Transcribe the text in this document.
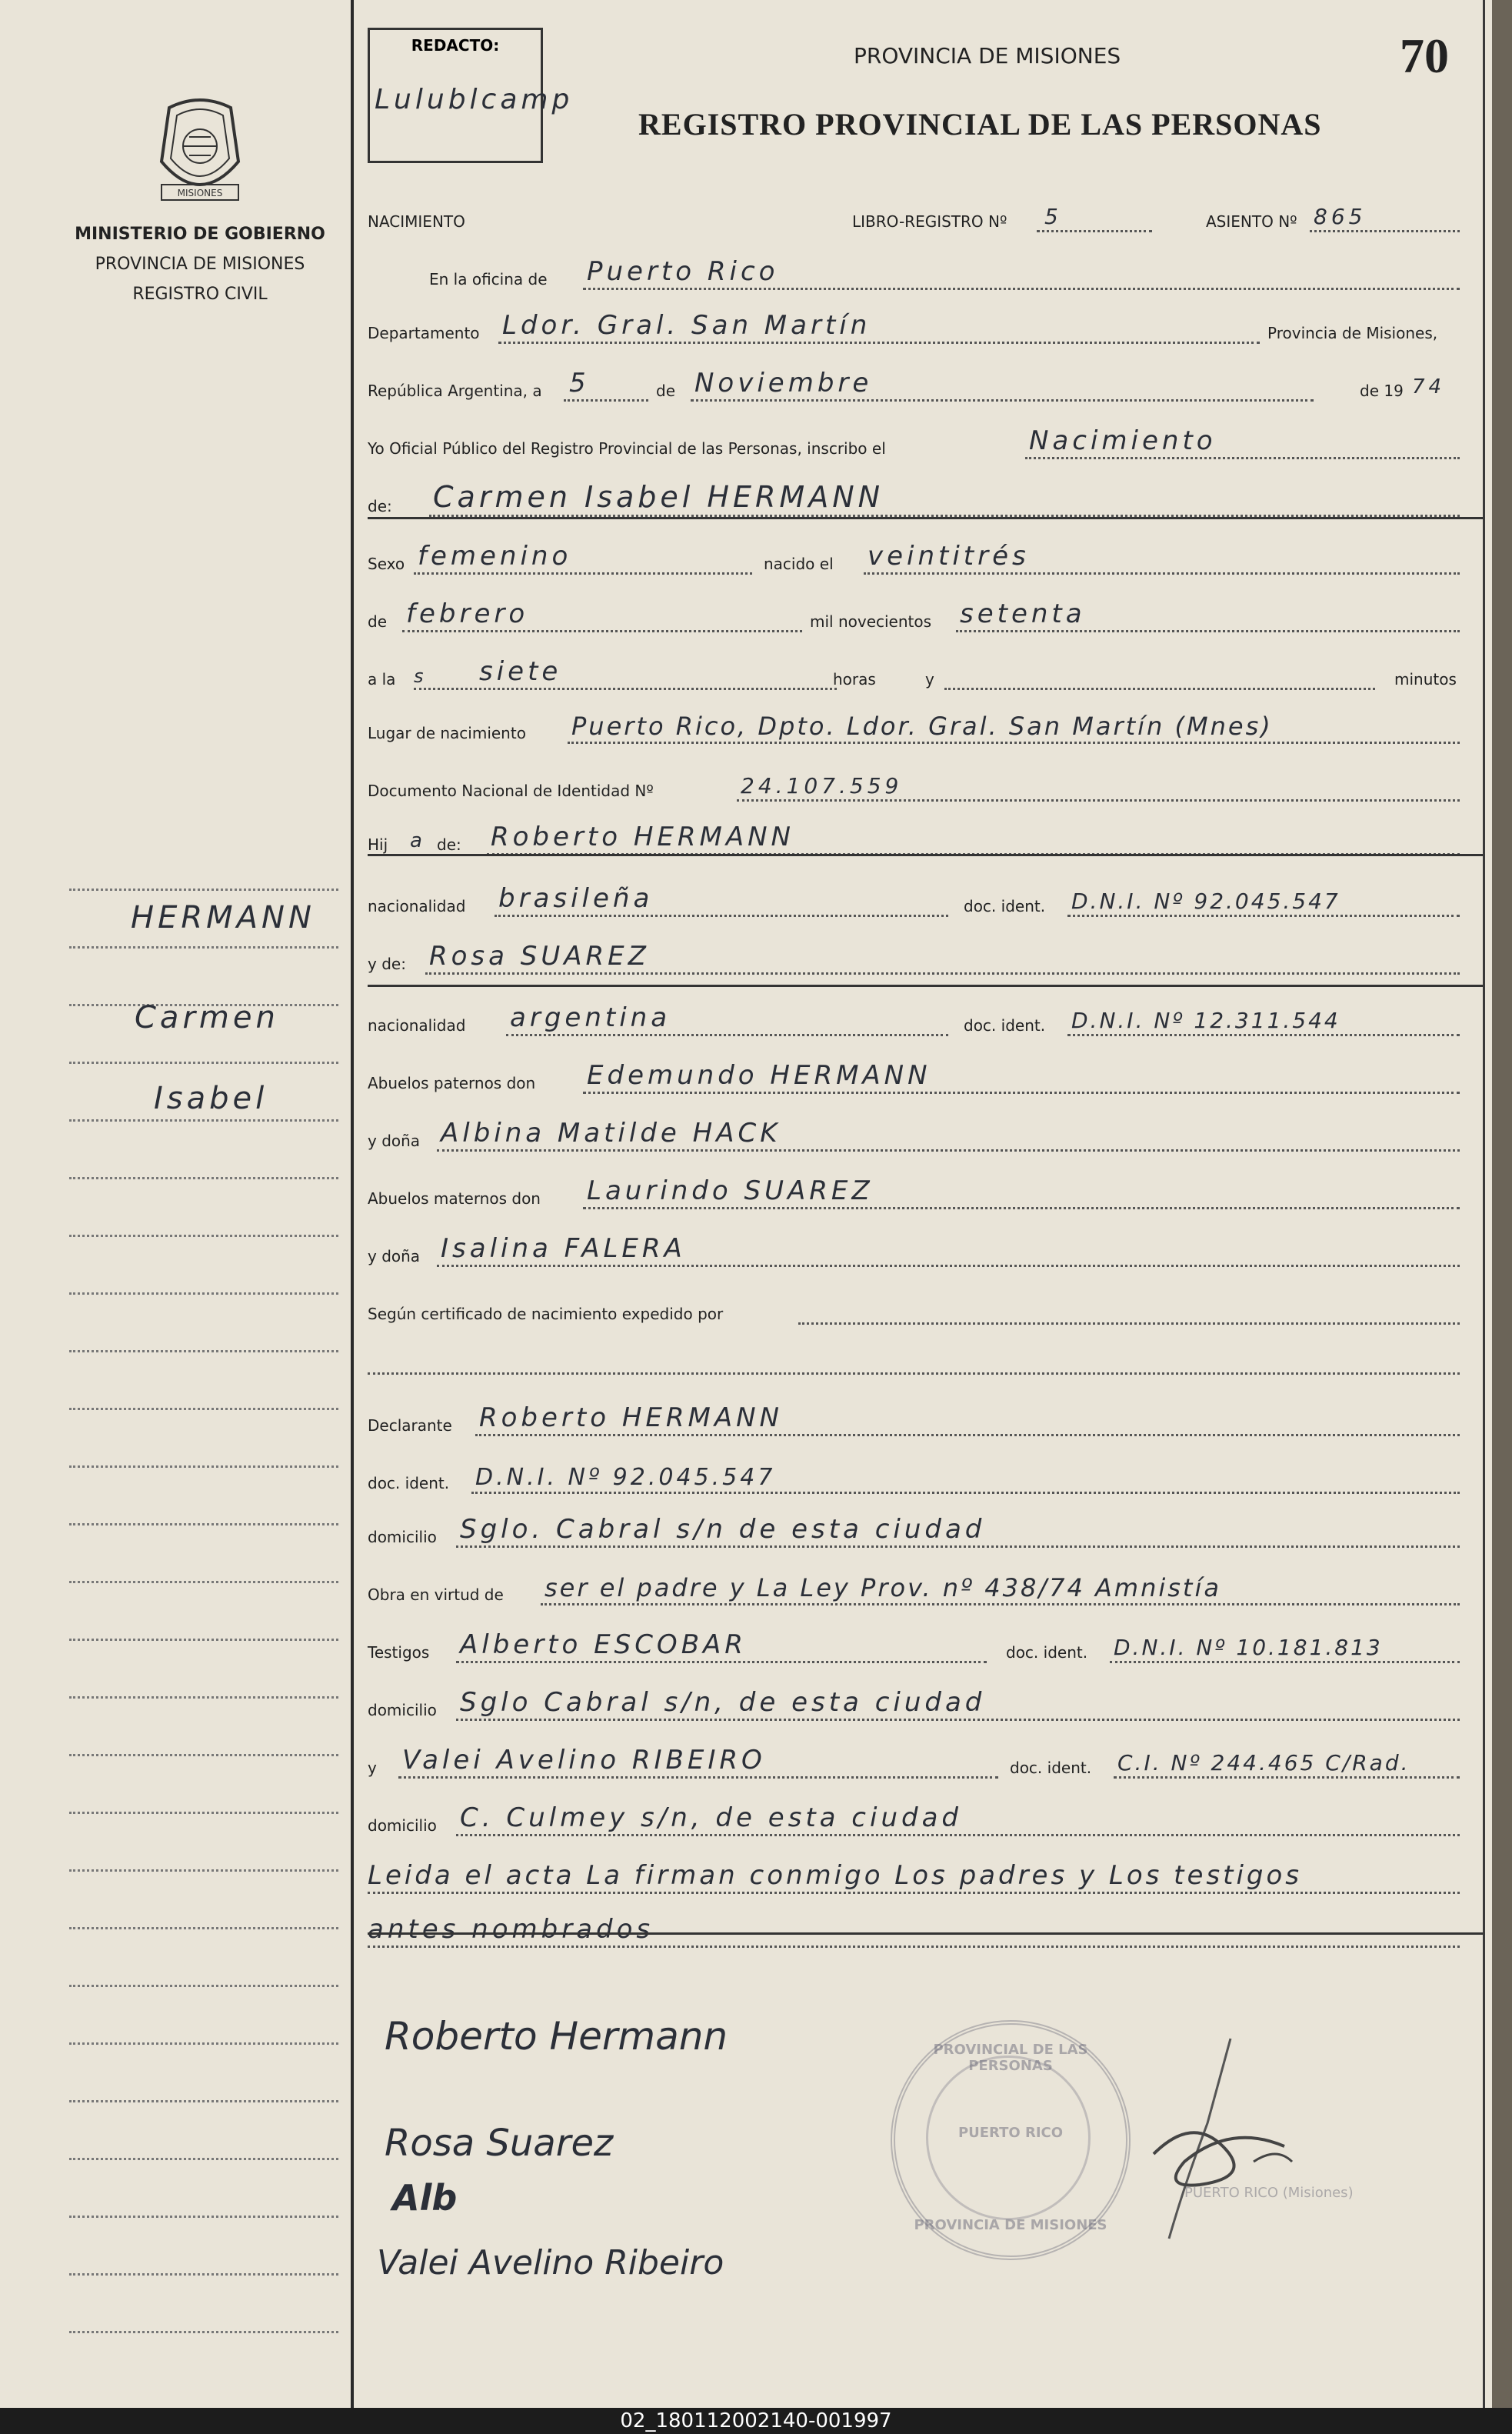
MISIONES
MINISTERIO DE GOBIERNO
PROVINCIA DE MISIONES
REGISTRO CIVIL
HERMANN
Carmen
Isabel
REDACTO:
Lulublcamp
PROVINCIA DE MISIONES
REGISTRO PROVINCIAL DE LAS PERSONAS
70
NACIMIENTO	LIBRO-REGISTRO Nº 5	ASIENTO Nº 865
En la oficina de Puerto Rico
Departamento Ldor. Gral. San Martín	Provincia de Misiones,
República Argentina, a 5	de Noviembre	de 19 74
Yo Oficial Público del Registro Provincial de las Personas, inscribo el	Nacimiento
de: Carmen Isabel HERMANN
Sexo femenino	nacido el veintitrés
de febrero	mil novecientos setenta
a la s siete	horas	y	minutos
Lugar de nacimiento Puerto Rico, Dpto. Ldor. Gral. San Martín (Mnes)
Documento Nacional de Identidad Nº	24.107.559
Hij a de: Roberto HERMANN
nacionalidad brasileña	doc. ident. D.N.I. Nº 92.045.547
y de: Rosa SUAREZ
nacionalidad argentina	doc. ident. D.N.I. Nº 12.311.544
Abuelos paternos don Edemundo HERMANN
y doña Albina Matilde HACK
Abuelos maternos don Laurindo SUAREZ
y doña Isalina FALERA
Según certificado de nacimiento expedido por
Declarante Roberto HERMANN
doc. ident. D.N.I. Nº 92.045.547
domicilio Sglo. Cabral s/n de esta ciudad
Obra en virtud de ser el padre y La Ley Prov. nº 438/74 Amnistía
Testigos Alberto ESCOBAR	doc. ident. D.N.I. Nº 10.181.813
domicilio Sglo Cabral s/n, de esta ciudad
y Valei Avelino RIBEIRO	doc. ident. C.I. Nº 244.465 C/Rad.
domicilio C. Culmey s/n, de esta ciudad
Leida el acta La firman conmigo Los padres y Los testigos
antes nombrados
Roberto Hermann
Rosa Suarez
Alb
Valei Avelino Ribeiro
PROVINCIAL DE LAS PERSONAS
PUERTO RICO
PROVINCIA DE MISIONES
PUERTO RICO (Misiones)
02_180112002140-001997
